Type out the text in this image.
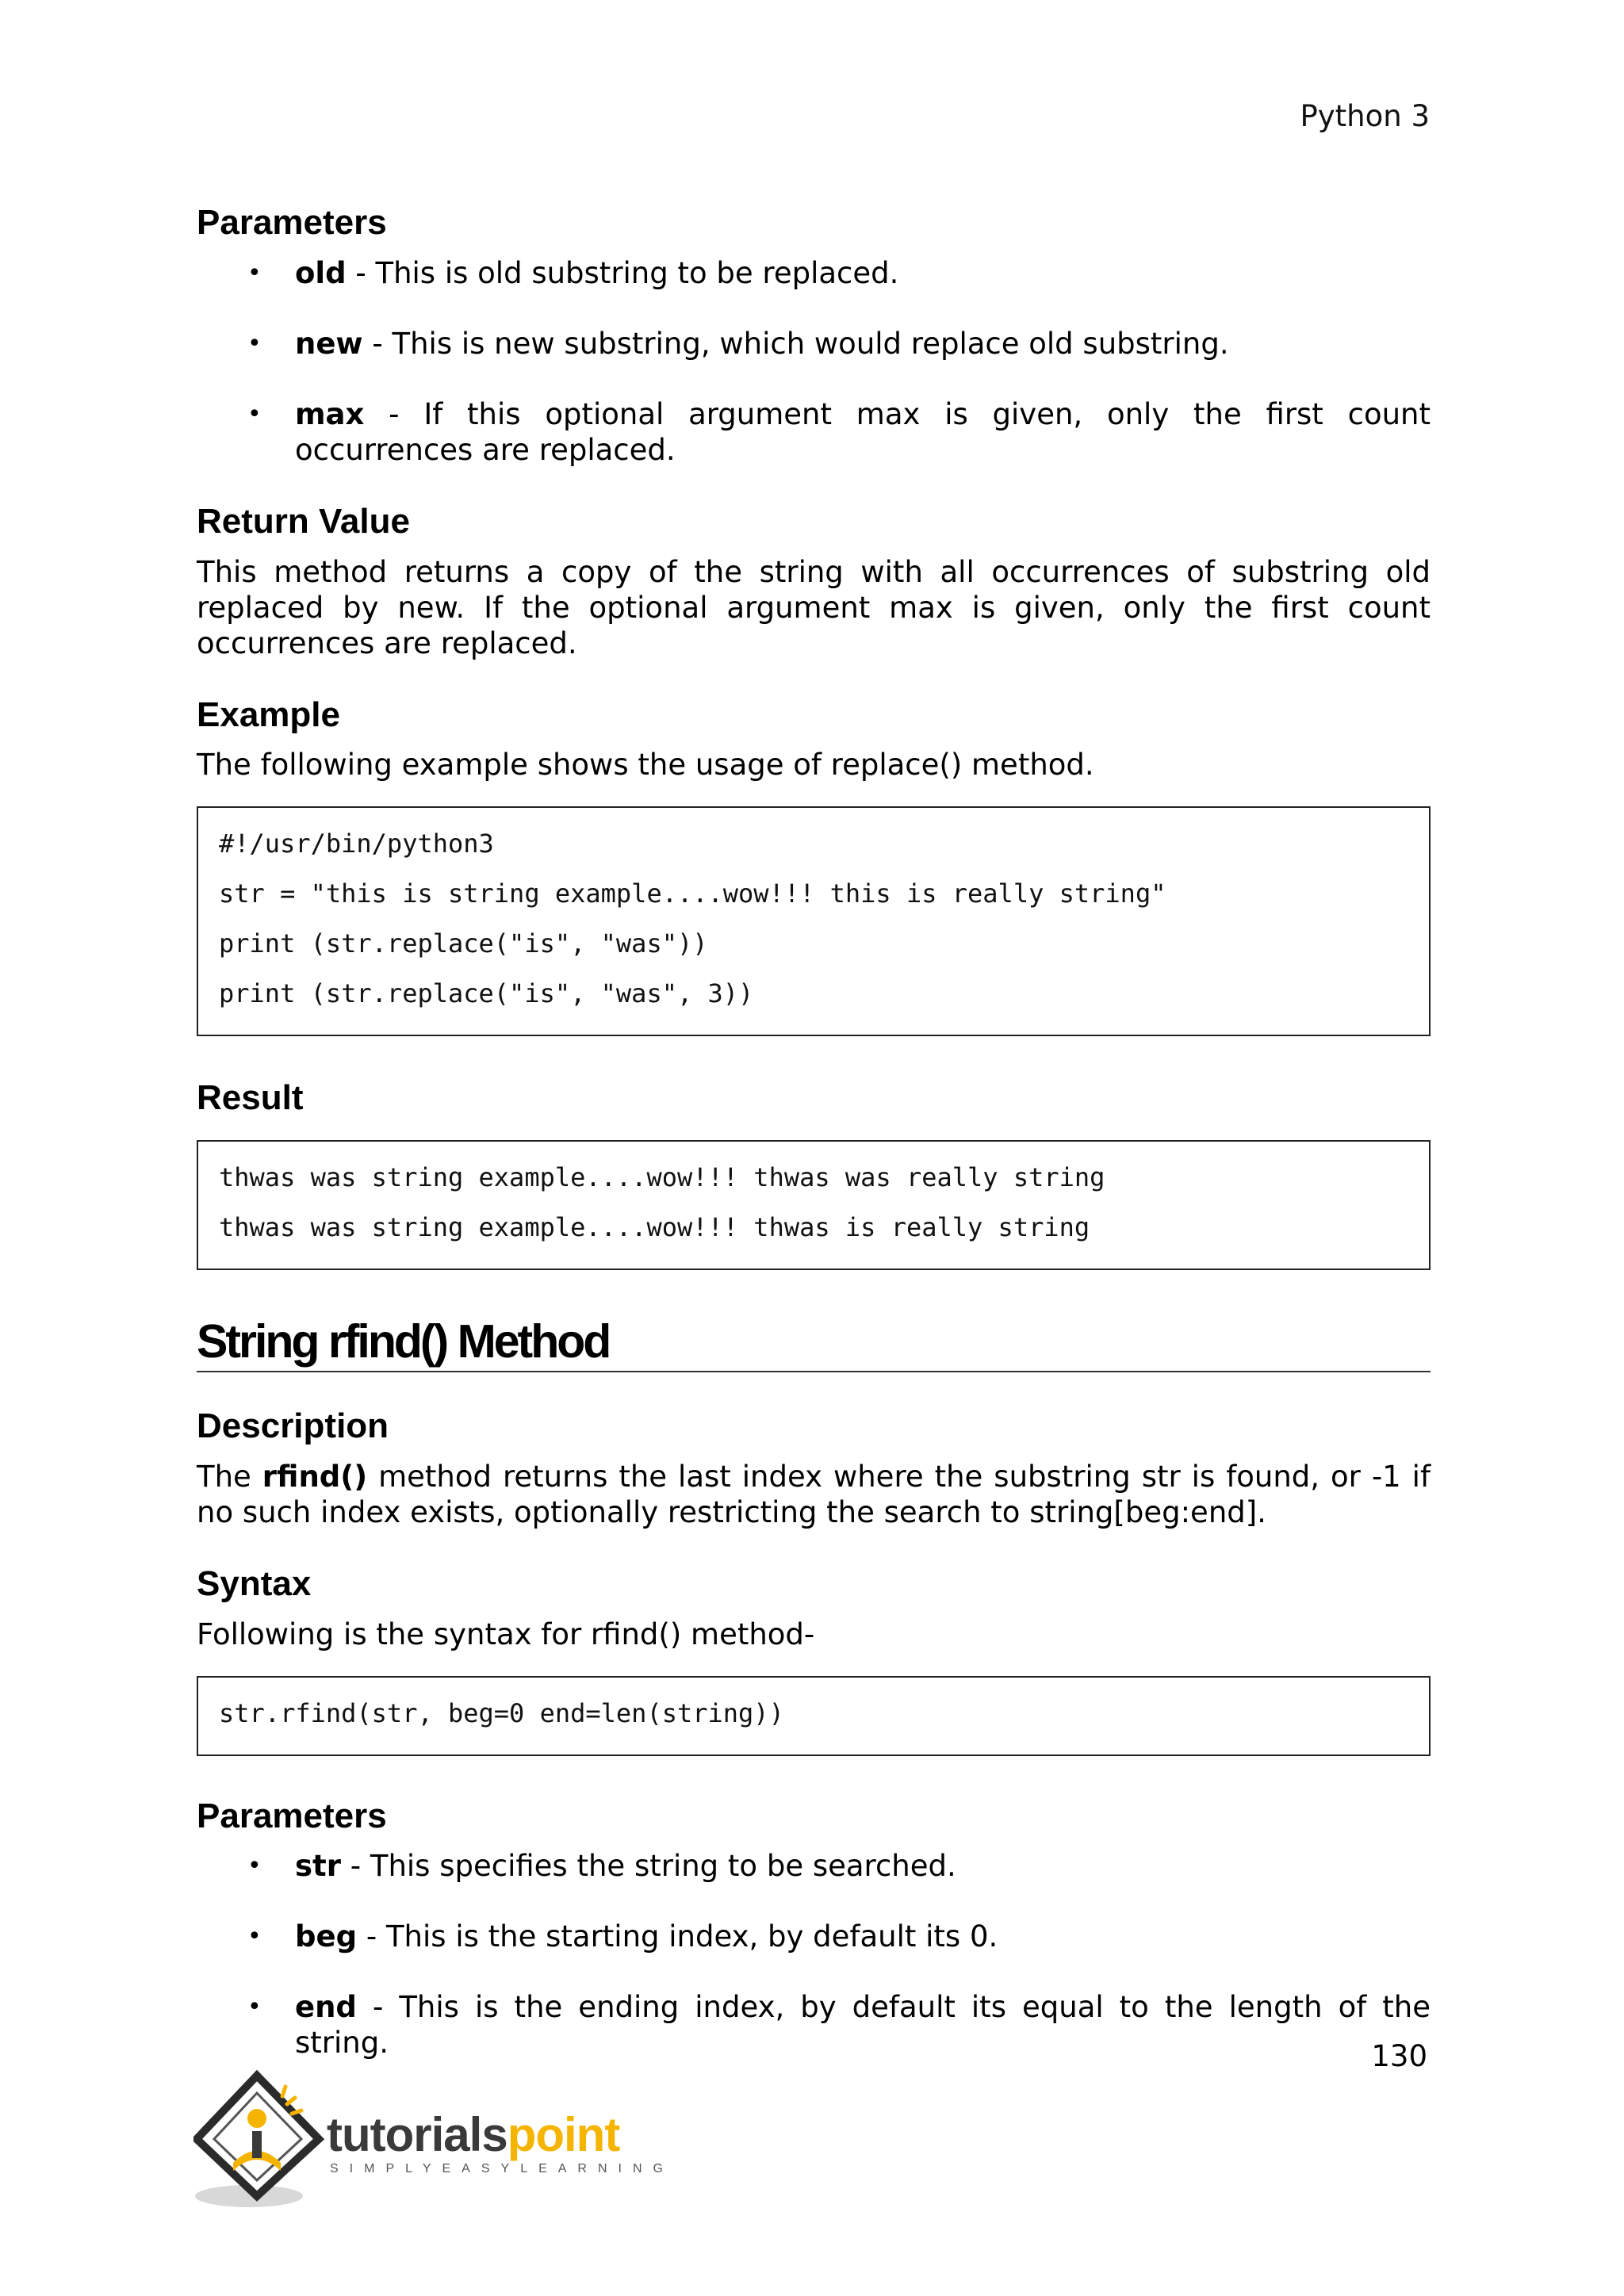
Python 3
Parameters
• old - This is old substring to be replaced.
• new - This is new substring, which would replace old substring.
• max - If this optional argument max is given, only the first count occurrences are replaced.
Return Value

This method returns a copy of the string with all occurrences of substring old replaced by new. If the optional argument max is given, only the first count occurrences are replaced.

Example

The following example shows the usage of replace() method.

#!/usr/bin/python3
str = "this is string example....wow!!! this is really string"
print (str.replace("is", "was"))
print (str.replace("is", "was", 3))
Result
thwas was string example....wow!!! thwas was really string
thwas was string example....wow!!! thwas is really string
String rfind() Method
Description

The rfind() method returns the last index where the substring str is found, or -1 if no such index exists, optionally restricting the search to string[beg:end].

Syntax

Following is the syntax for rfind() method-

str.rfind(str, beg=0 end=len(string))
Parameters
• str - This specifies the string to be searched.
• beg - This is the starting index, by default its 0.
• end - This is the ending index, by default its equal to the length of the string.	130
tutorialspoint
SIMPLYEASYLEARNING
